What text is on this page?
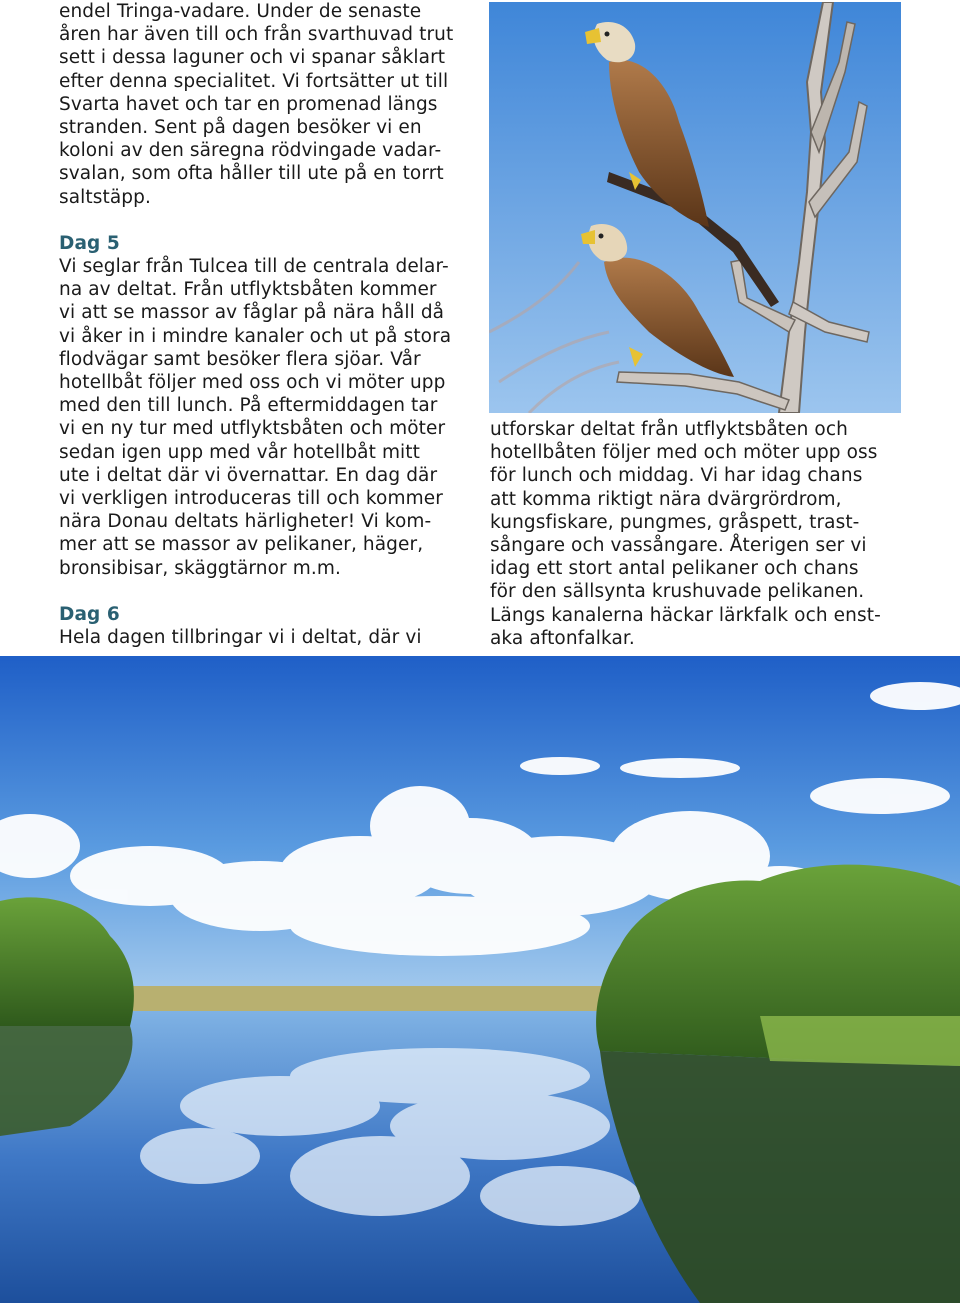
endel Tringa-vadare. Under de senaste

åren har även till och från svarthuvad trut

sett i dessa laguner och vi spanar såklart

efter denna specialitet. Vi fortsätter ut till

Svarta havet och tar en promenad längs

stranden. Sent på dagen besöker vi en

koloni av den säregna rödvingade vadar-

svalan, som ofta håller till ute på en torrt

saltstäpp.

Dag 5

Vi seglar från Tulcea till de centrala delar-

na av deltat. Från utflyktsbåten kommer

vi att se massor av fåglar på nära håll då

vi åker in i mindre kanaler och ut på stora

flodvägar samt besöker flera sjöar. Vår

hotellbåt följer med oss och vi möter upp

med den till lunch. På eftermiddagen tar

vi en ny tur med utflyktsbåten och möter

sedan igen upp med vår hotellbåt mitt

ute i deltat där vi övernattar. En dag där

vi verkligen introduceras till och kommer

nära Donau deltats härligheter! Vi kom-

mer att se massor av pelikaner, häger,

bronsibisar, skäggtärnor m.m.

Dag 6

Hela dagen tillbringar vi i deltat, där vi

utforskar deltat från utflyktsbåten och

hotellbåten följer med och möter upp oss

för lunch och middag. Vi har idag chans

att komma riktigt nära dvärgrördrom,

kungsfiskare, pungmes, gråspett, trast-

sångare och vassångare. Återigen ser vi

idag ett stort antal pelikaner och chans

för den sällsynta krushuvade pelikanen.

Längs kanalerna häckar lärkfalk och enst-

aka aftonfalkar.
